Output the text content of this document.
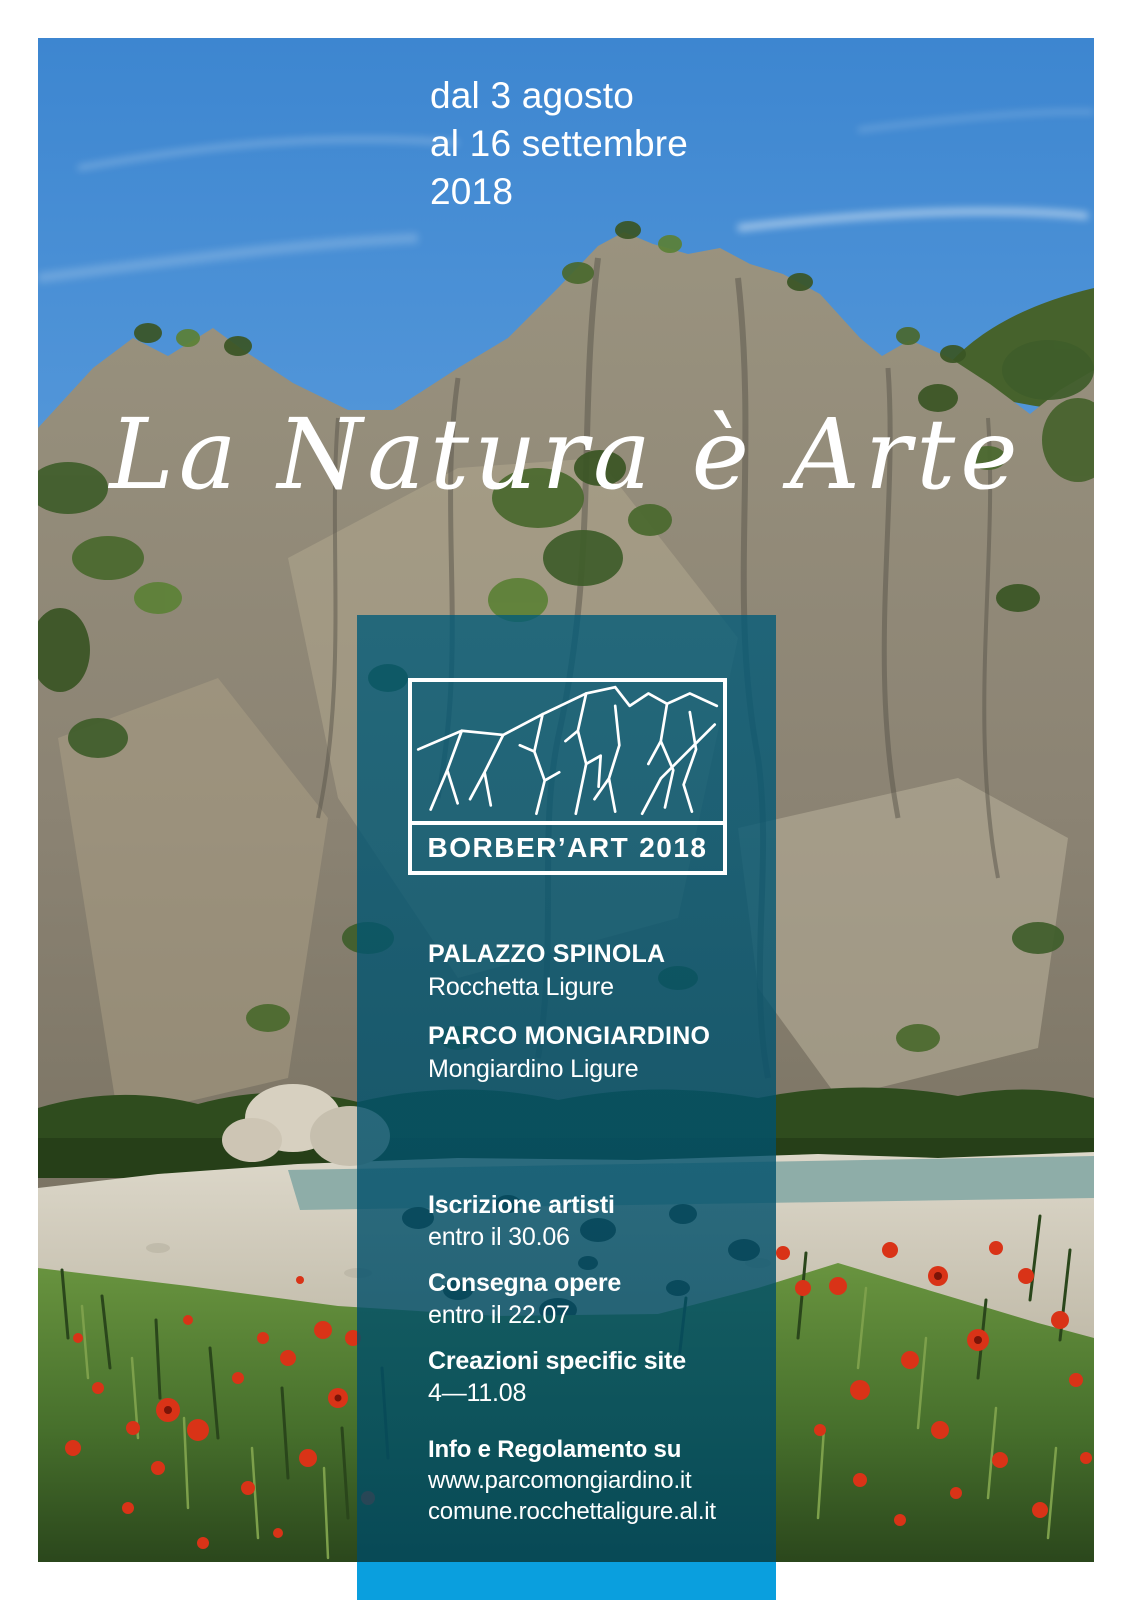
dal 3 agosto
al 16 settembre
2018
La Natura è Arte
BORBER’ART 2018
PALAZZO SPINOLA
Rocchetta Ligure
PARCO MONGIARDINO
Mongiardino Ligure
Iscrizione artisti
entro il 30.06
Consegna opere
entro il 22.07
Creazioni specific site
4—11.08
Info e Regolamento su
www.parcomongiardino.it
comune.rocchettaligure.al.it
